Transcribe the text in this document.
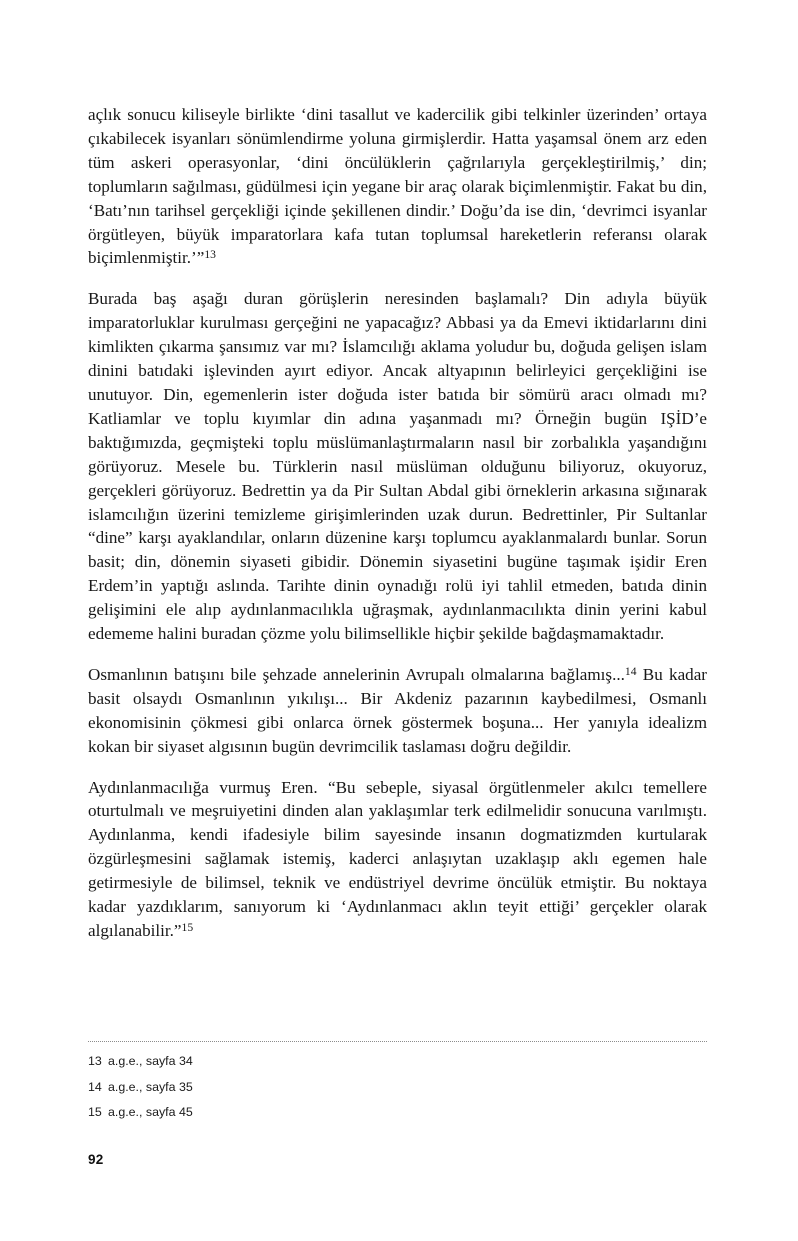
açlık sonucu kiliseyle birlikte ‘dini tasallut ve kadercilik gibi telkinler üzerinden’ ortaya çıkabilecek isyanları sönümlendirme yoluna girmişlerdir. Hatta yaşamsal önem arz eden tüm askeri operasyonlar, ‘dini öncülüklerin çağrılarıyla gerçekleştirilmiş,’ din; toplumların sağılması, güdülmesi için yegane bir araç olarak biçimlenmiştir. Fakat bu din, ‘Batı’nın tarihsel gerçekliği içinde şekillenen dindir.’ Doğu’da ise din, ‘devrimci isyanlar örgütleyen, büyük imparatorlara kafa tutan toplumsal hareketlerin referansı olarak biçimlenmiştir.’”$^{13}$

Burada baş aşağı duran görüşlerin neresinden başlamalı? Din adıyla büyük imparatorluklar kurulması gerçeğini ne yapacağız? Abbasi ya da Emevi iktidarlarını dini kimlikten çıkarma şansımız var mı? İslamcılığı aklama yoludur bu, doğuda gelişen islam dinini batıdaki işlevinden ayırt ediyor. Ancak altyapının belirleyici gerçekliğini ise unutuyor. Din, egemenlerin ister doğuda ister batıda bir sömürü aracı olmadı mı? Katliamlar ve toplu kıyımlar din adına yaşanmadı mı? Örneğin bugün IŞİD’e baktığımızda, geçmişteki toplu müslümanlaştırmaların nasıl bir zorbalıkla yaşandığını görüyoruz. Mesele bu. Türklerin nasıl müslüman olduğunu biliyoruz, okuyoruz, gerçekleri görüyoruz. Bedrettin ya da Pir Sultan Abdal gibi örneklerin arkasına sığınarak islamcılığın üzerini temizleme girişimlerinden uzak durun. Bedrettinler, Pir Sultanlar “dine” karşı ayaklandılar, onların düzenine karşı toplumcu ayaklanmalardı bunlar. Sorun basit; din, dönemin siyaseti gibidir. Dönemin siyasetini bugüne taşımak işidir Eren Erdem’in yaptığı aslında. Tarihte dinin oynadığı rolü iyi tahlil etmeden, batıda dinin gelişimini ele alıp aydınlanmacılıkla uğraşmak, aydınlanmacılıkta dinin yerini kabul edememe halini buradan çözme yolu bilimsellikle hiçbir şekilde bağdaşmamaktadır.

Osmanlının batışını bile şehzade annelerinin Avrupalı olmalarına bağlamış...$^{14}$ Bu kadar basit olsaydı Osmanlının yıkılışı... Bir Akdeniz pazarının kaybedilmesi, Osmanlı ekonomisinin çökmesi gibi onlarca örnek göstermek boşuna... Her yanıyla idealizm kokan bir siyaset algısının bugün devrimcilik taslaması doğru değildir.

Aydınlanmacılığa vurmuş Eren. “Bu sebeple, siyasal örgütlenmeler akılcı temellere oturtulmalı ve meşruiyetini dinden alan yaklaşımlar terk edilmelidir sonucuna varılmıştı. Aydınlanma, kendi ifadesiyle bilim sayesinde insanın dogmatizmden kurtularak özgürleşmesini sağlamak istemiş, kaderci anlaşıytan uzaklaşıp aklı egemen hale getirmesiyle de bilimsel, teknik ve endüstriyel devrime öncülük etmiştir. Bu noktaya kadar yazdıklarım, sanıyorum ki ‘Aydınlanmacı aklın teyit ettiği’ gerçekler olarak algılanabilir.”$^{15}$

13 a.g.e., sayfa 34
14 a.g.e., sayfa 35
15 a.g.e., sayfa 45
92
